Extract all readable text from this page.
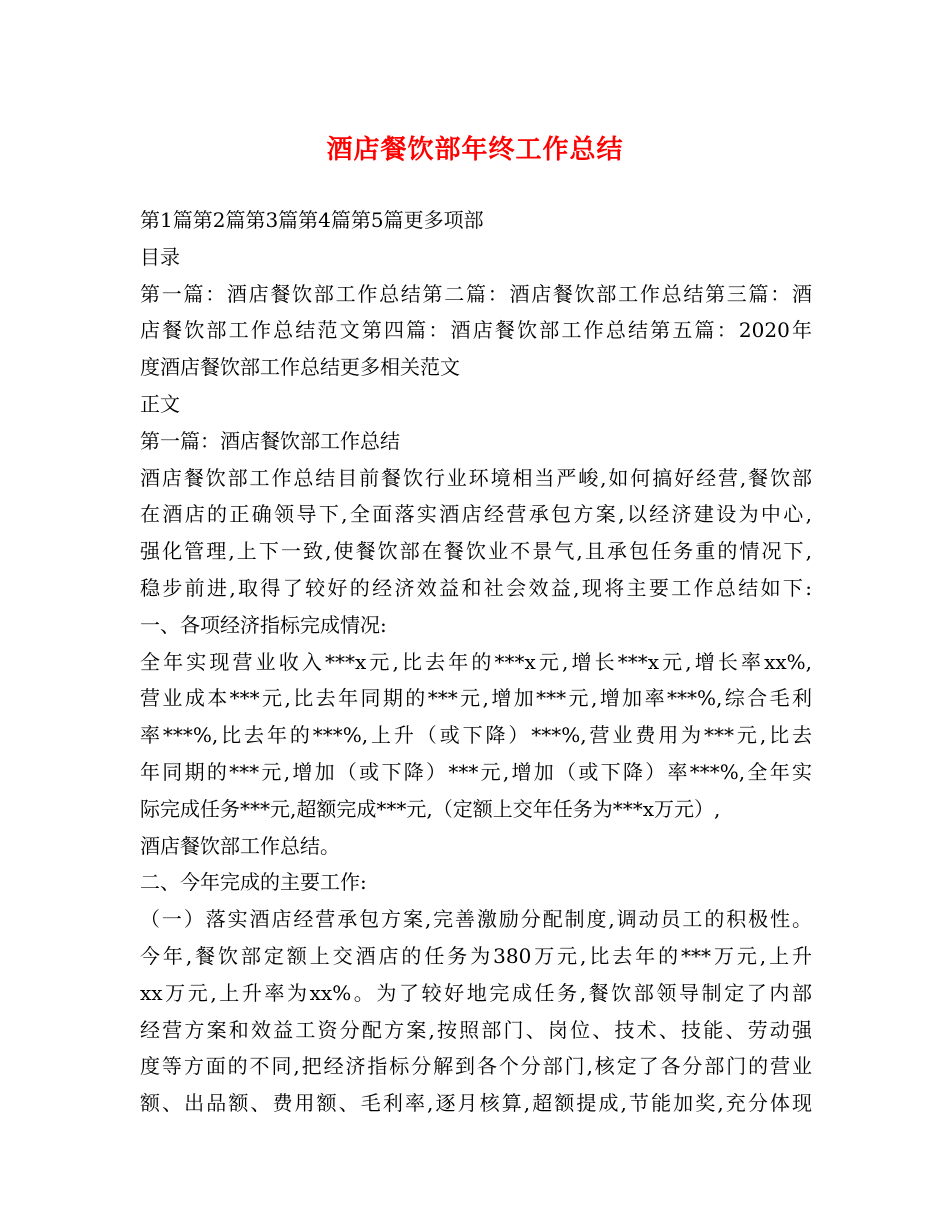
酒店餐饮部年终工作总结
第1篇第2篇第3篇第4篇第5篇更多项部
目录
第一篇：酒店餐饮部工作总结第二篇：酒店餐饮部工作总结第三篇：酒
店餐饮部工作总结范文第四篇：酒店餐饮部工作总结第五篇：2020年
度酒店餐饮部工作总结更多相关范文
正文
第一篇：酒店餐饮部工作总结
酒店餐饮部工作总结目前餐饮行业环境相当严峻,如何搞好经营,餐饮部
在酒店的正确领导下,全面落实酒店经营承包方案,以经济建设为中心,
强化管理,上下一致,使餐饮部在餐饮业不景气,且承包任务重的情况下,
稳步前进,取得了较好的经济效益和社会效益,现将主要工作总结如下:
一、各项经济指标完成情况:
全年实现营业收入***x元,比去年的***x元,增长***x元,增长率xx%,
营业成本***元,比去年同期的***元,增加***元,增加率***%,综合毛利
率***%,比去年的***%,上升（或下降）***%,营业费用为***元,比去
年同期的***元,增加（或下降）***元,增加（或下降）率***%,全年实
际完成任务***元,超额完成***元,（定额上交年任务为***x万元）,
酒店餐饮部工作总结。
二、今年完成的主要工作:
（一）落实酒店经营承包方案,完善激励分配制度,调动员工的积极性。
今年,餐饮部定额上交酒店的任务为380万元,比去年的***万元,上升
xx万元,上升率为xx%。为了较好地完成任务,餐饮部领导制定了内部
经营方案和效益工资分配方案,按照部门、岗位、技术、技能、劳动强
度等方面的不同,把经济指标分解到各个分部门,核定了各分部门的营业
额、出品额、费用额、毛利率,逐月核算,超额提成,节能加奖,充分体现
